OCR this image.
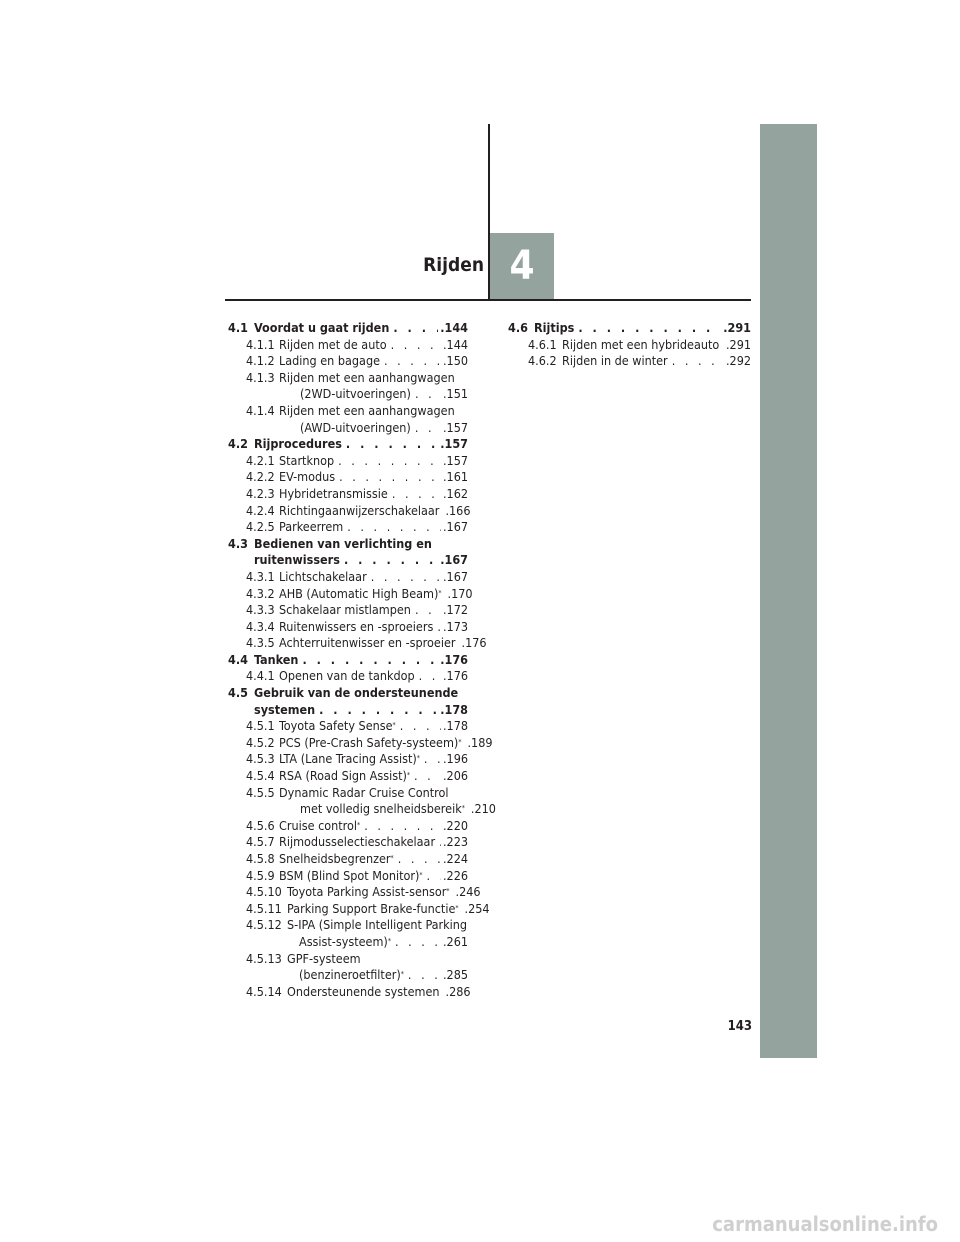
4
Rijden
4.1 Voordat u gaat rijden . . .	.144
4.1.1 Rijden met de auto . . .	.144
4.1.2 Lading en bagage . . .	.150
4.1.3 Rijden met een aanhangwagen
(2WD-uitvoeringen) . . .	.151
4.1.4 Rijden met een aanhangwagen
(AWD-uitvoeringen) . . .	.157
4.2 Rijprocedures . . .	.157
4.2.1 Startknop . . .	.157
4.2.2 EV-modus . . .	.161
4.2.3 Hybridetransmissie . . .	.162
4.2.4 Richtingaanwijzerschakelaar .166
4.2.5 Parkeerrem . . .	.167
4.3 Bedienen van verlichting en
ruitenwissers . . .	.167
4.3.1 Lichtschakelaar . . .	.167
4.3.2 AHB (Automatic High Beam)* .170
4.3.3 Schakelaar mistlampen . . .	.172
4.3.4 Ruitenwissers en -sproeiers . . . .173
4.3.5 Achterruitenwisser en -sproeier .176
4.4 Tanken . . .	.176
4.4.1 Openen van de tankdop . . . .176
4.5 Gebruik van de ondersteunende
systemen . . .	.178
4.5.1 Toyota Safety Sense* . . .	.178
4.5.2 PCS (Pre-Crash Safety-systeem)* .189
4.5.3 LTA (Lane Tracing Assist)* . . . .196
4.5.4 RSA (Road Sign Assist)* . . .	.206
4.5.5 Dynamic Radar Cruise Control
met volledig snelheidsbereik* .210
4.5.6 Cruise control* . . .	.220
4.5.7 Rijmodusselectieschakelaar . . . .223
4.5.8 Snelheidsbegrenzer* . . .	.224
4.5.9 BSM (Blind Spot Monitor)* . . . .226
4.5.10 Toyota Parking Assist-sensor* .246
4.5.11 Parking Support Brake-functie* .254
4.5.12 S-IPA (Simple Intelligent Parking
Assist-systeem)* . . .	.261
4.5.13 GPF-systeem
(benzineroetfilter)* . . .	.285
4.5.14 Ondersteunende systemen .286
4.6 Rijtips . . .	.291
4.6.1 Rijden met een hybrideauto . . . .291
4.6.2 Rijden in de winter . . .	.292
143
carmanualsonline.info
